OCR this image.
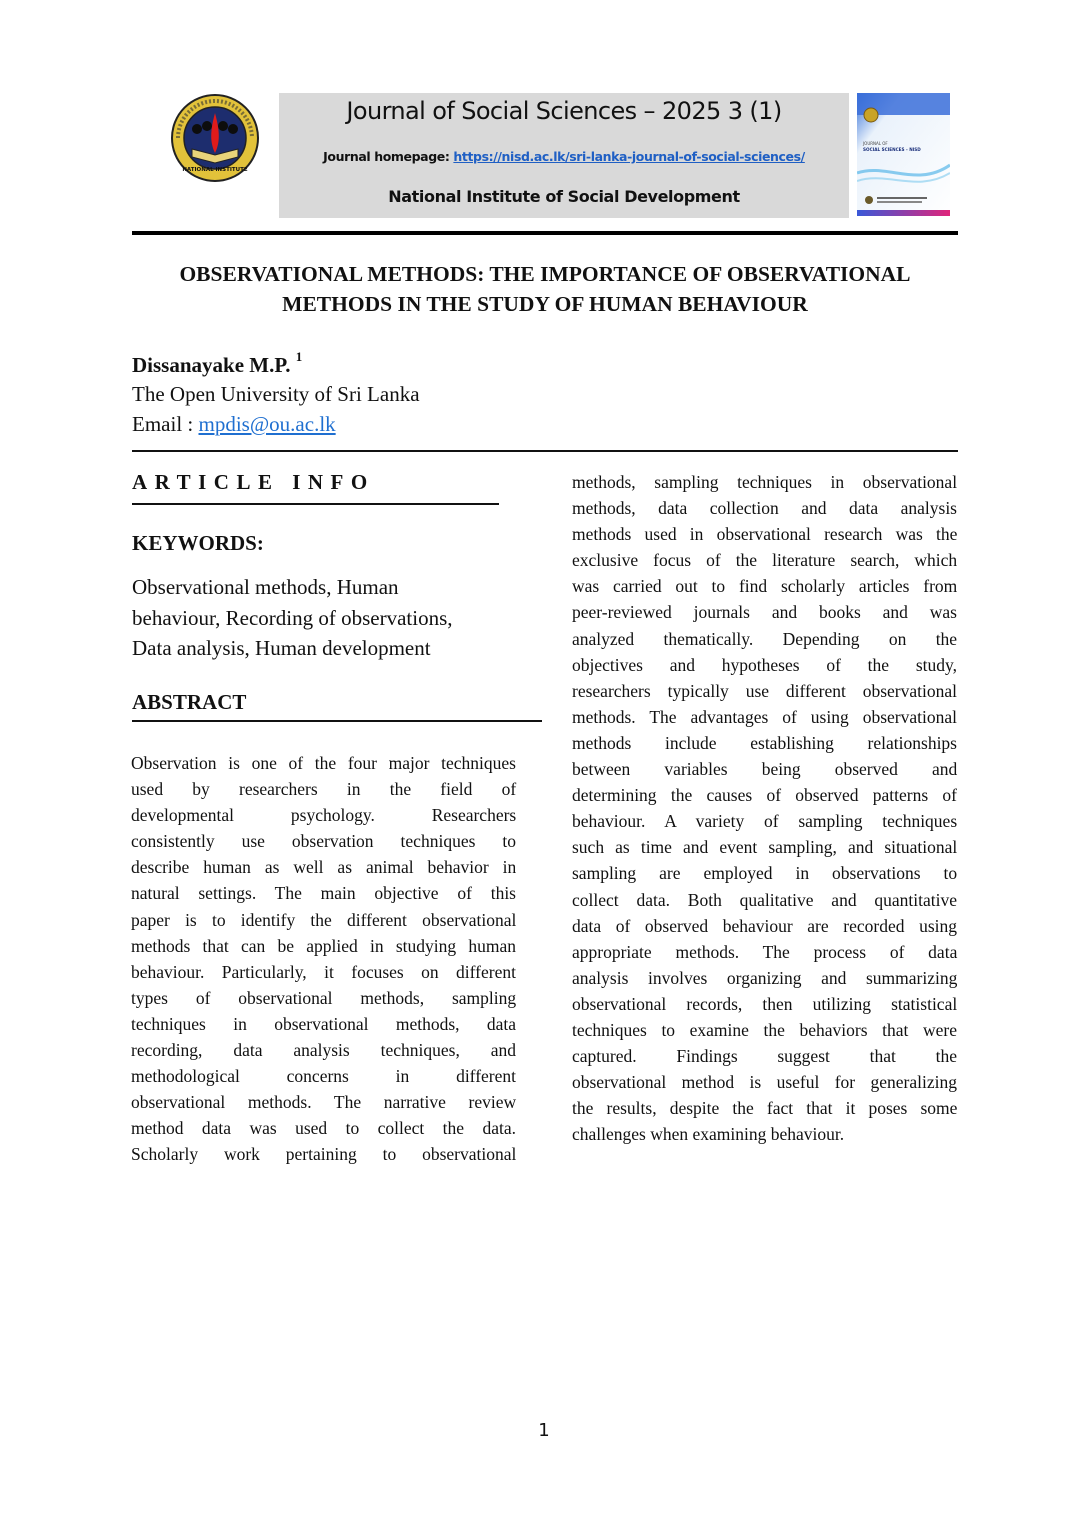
NATIONAL INSTITUTE
Journal of Social Sciences – 2025 3 (1)
Journal homepage: https://nisd.ac.lk/sri-lanka-journal-of-social-sciences/
National Institute of Social Development
JOURNAL OF
SOCIAL SCIENCES - NISD
OBSERVATIONAL METHODS: THE IMPORTANCE OF OBSERVATIONAL
METHODS IN THE STUDY OF HUMAN BEHAVIOUR
Dissanayake M.P. $^1$
The Open University of Sri Lanka
Email : mpdis@ou.ac.lk
ARTICLE INFO
KEYWORDS:
Observational methods, Human
behaviour, Recording of observations,
Data analysis, Human development
ABSTRACT
Observation is one of the four major techniques
used by researchers in the field of
developmental psychology. Researchers
consistently use observation techniques to
describe human as well as animal behavior in
natural settings. The main objective of this
paper is to identify the different observational
methods that can be applied in studying human
behaviour. Particularly, it focuses on different
types of observational methods, sampling
techniques in observational methods, data
recording, data analysis techniques, and
methodological concerns in different
observational methods. The narrative review
method data was used to collect the data.
Scholarly work pertaining to observational
methods, sampling techniques in observational
methods, data collection and data analysis
methods used in observational research was the
exclusive focus of the literature search, which
was carried out to find scholarly articles from
peer-reviewed journals and books and was
analyzed thematically. Depending on the
objectives and hypotheses of the study,
researchers typically use different observational
methods. The advantages of using observational
methods include establishing relationships
between variables being observed and
determining the causes of observed patterns of
behaviour. A variety of sampling techniques
such as time and event sampling, and situational
sampling are employed in observations to
collect data. Both qualitative and quantitative
data of observed behaviour are recorded using
appropriate methods. The process of data
analysis involves organizing and summarizing
observational records, then utilizing statistical
techniques to examine the behaviors that were
captured. Findings suggest that the
observational method is useful for generalizing
the results, despite the fact that it poses some
challenges when examining behaviour.
1
